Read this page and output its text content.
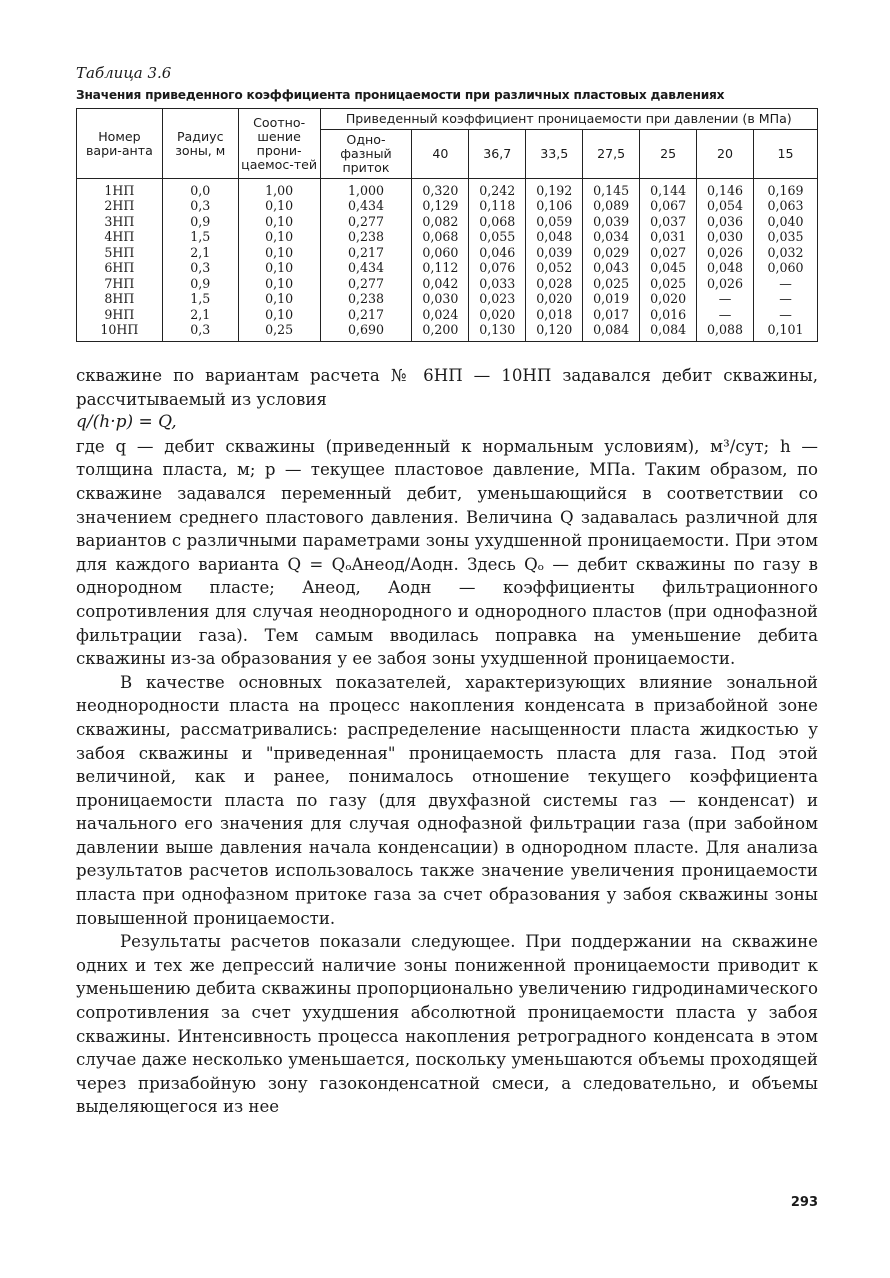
Таблица 3.6
Значения приведенного коэффициента проницаемости при различных пластовых давлениях
Номер вари-анта	Радиус зоны, м	Соотно-шение прони-цаемос-тей	Приведенный коэффициент проницаемости при давлении (в МПа)							
			Одно-фазный приток	40	36,7	33,5	27,5	25	20	15
1НП	0,0	1,00	1,000	0,320	0,242	0,192	0,145	0,144	0,146	0,169
2НП	0,3	0,10	0,434	0,129	0,118	0,106	0,089	0,067	0,054	0,063
3НП	0,9	0,10	0,277	0,082	0,068	0,059	0,039	0,037	0,036	0,040
4НП	1,5	0,10	0,238	0,068	0,055	0,048	0,034	0,031	0,030	0,035
5НП	2,1	0,10	0,217	0,060	0,046	0,039	0,029	0,027	0,026	0,032
6НП	0,3	0,10	0,434	0,112	0,076	0,052	0,043	0,045	0,048	0,060
7НП	0,9	0,10	0,277	0,042	0,033	0,028	0,025	0,025	0,026	—
8НП	1,5	0,10	0,238	0,030	0,023	0,020	0,019	0,020	—	—
9НП	2,1	0,10	0,217	0,024	0,020	0,018	0,017	0,016	—	—
10НП	0,3	0,25	0,690	0,200	0,130	0,120	0,084	0,084	0,088	0,101

скважине по вариантам расчета № 6НП — 10НП задавался дебит скважины, рассчитываемый из условия

q/(h·p) = Q,

где q — дебит скважины (приведенный к нормальным условиям), м³/сут; h — толщина пласта, м; p — текущее пластовое давление, МПа. Таким образом, по скважине задавался переменный дебит, уменьшающийся в соответствии со значением среднего пластового давления. Величина Q задавалась различной для вариантов с различными параметрами зоны ухудшенной проницаемости. При этом для каждого варианта Q = QₒAнеод/Aодн. Здесь Qₒ — дебит скважины по газу в однородном пласте; Aнеод, Aодн — коэффициенты фильтрационного сопротивления для случая неоднородного и однородного пластов (при однофазной фильтрации газа). Тем самым вводилась поправка на уменьшение дебита скважины из-за образования у ее забоя зоны ухудшенной проницаемости.

В качестве основных показателей, характеризующих влияние зональной неоднородности пласта на процесс накопления конденсата в призабойной зоне скважины, рассматривались: распределение насыщенности пласта жидкостью у забоя скважины и "приведенная" проницаемость пласта для газа. Под этой величиной, как и ранее, понималось отношение текущего коэффициента проницаемости пласта по газу (для двухфазной системы газ — конденсат) и начального его значения для случая однофазной фильтрации газа (при забойном давлении выше давления начала конденсации) в однородном пласте. Для анализа результатов расчетов использовалось также значение увеличения проницаемости пласта при однофазном притоке газа за счет образования у забоя скважины зоны повышенной проницаемости.

Результаты расчетов показали следующее. При поддержании на скважине одних и тех же депрессий наличие зоны пониженной проницаемости приводит к уменьшению дебита скважины пропорционально увеличению гидродинамического сопротивления за счет ухудшения абсолютной проницаемости пласта у забоя скважины. Интенсивность процесса накопления ретроградного конденсата в этом случае даже несколько уменьшается, поскольку уменьшаются объемы проходящей через призабойную зону газоконденсатной смеси, а следовательно, и объемы выделяющегося из нее

293
